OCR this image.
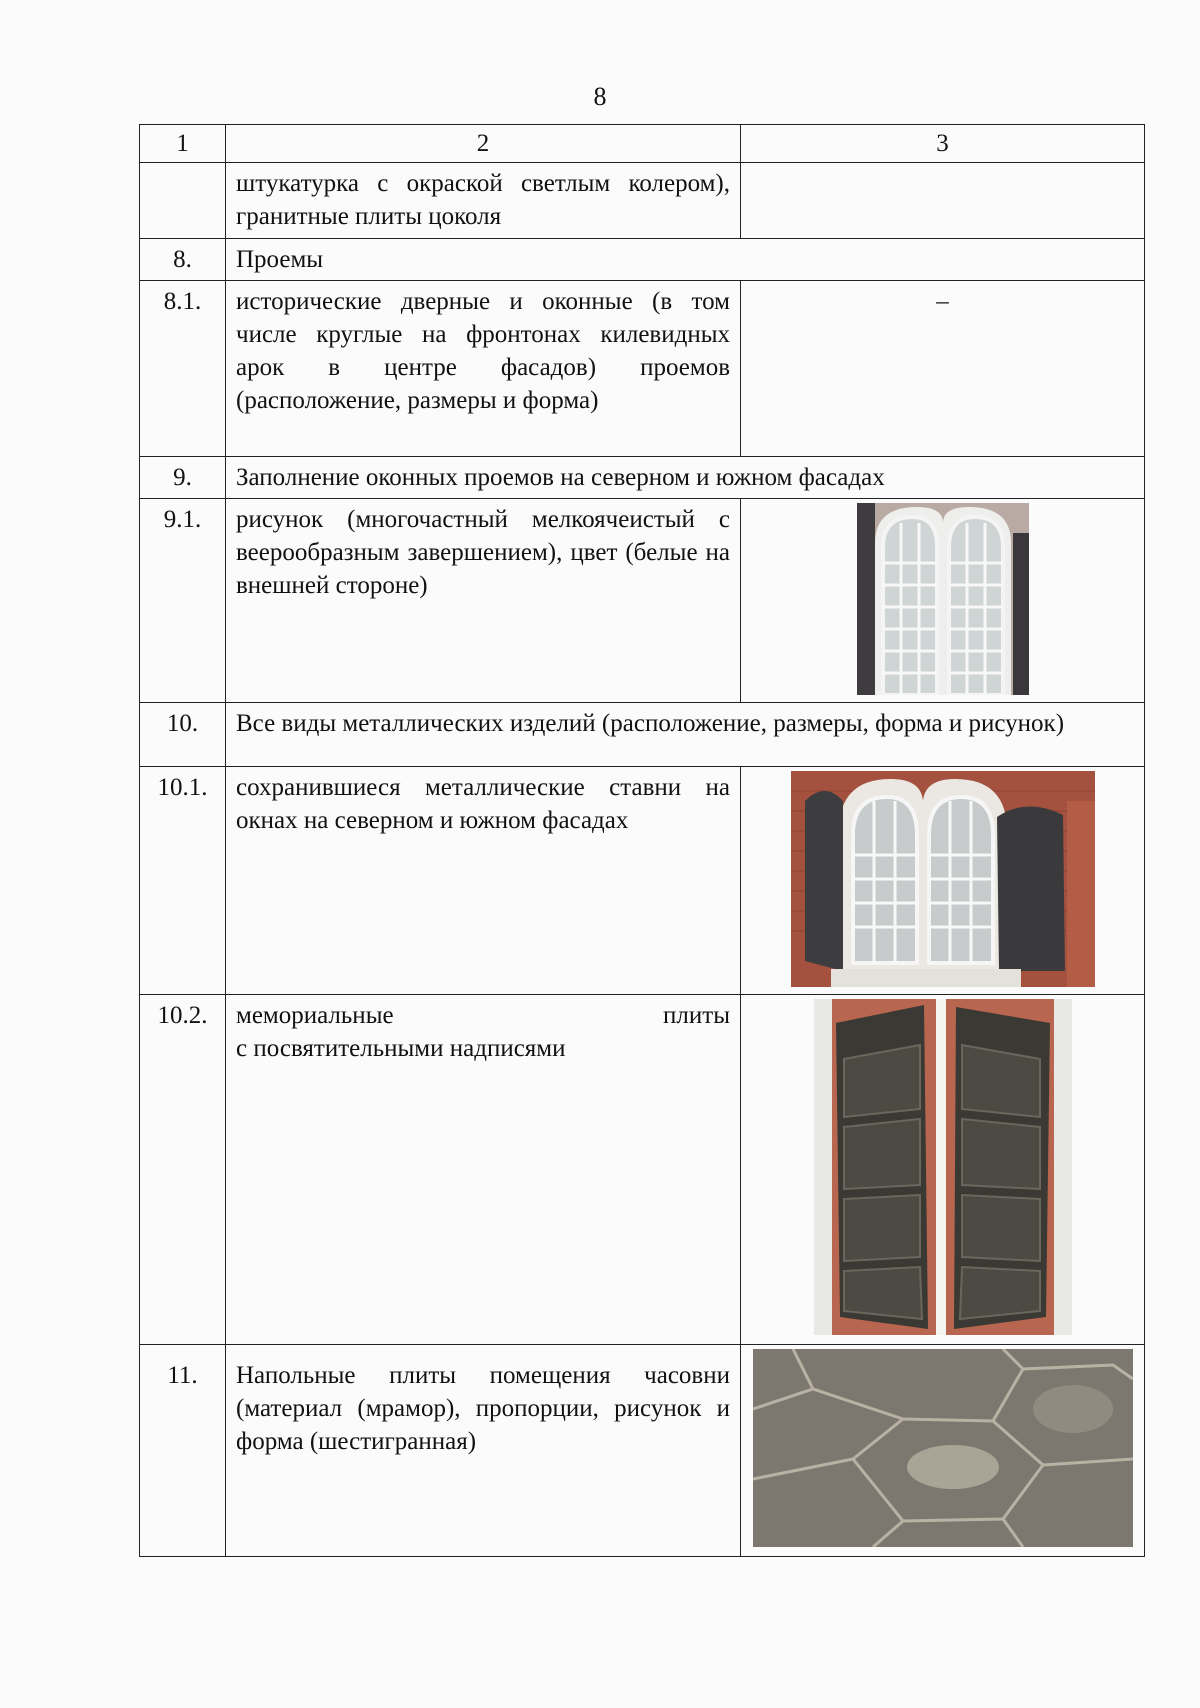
8
1	2	3
	штукатурка с окраской светлым колером), гранитные плиты цоколя	
8.	Проемы	
8.1.	исторические дверные и оконные (в том числе круглые на фронтонах килевидных арок в центре фасадов) проемов (расположение, размеры и форма)	–
9.	Заполнение оконных проемов на северном и южном фасадах	
9.1.	рисунок (многочастный мелкоячеистый с веерообразным завершением), цвет (белые на внешней стороне)	
10.	Все виды металлических изделий (расположение, размеры, форма и рисунок)	
10.1.	сохранившиеся металлические ставни на окнах на северном и южном фасадах	
10.2.	мемориальные плиты
с посвятительными надписями

11.	Напольные плиты помещения часовни (материал (мрамор), пропорции, рисунок и форма (шестигранная)	
